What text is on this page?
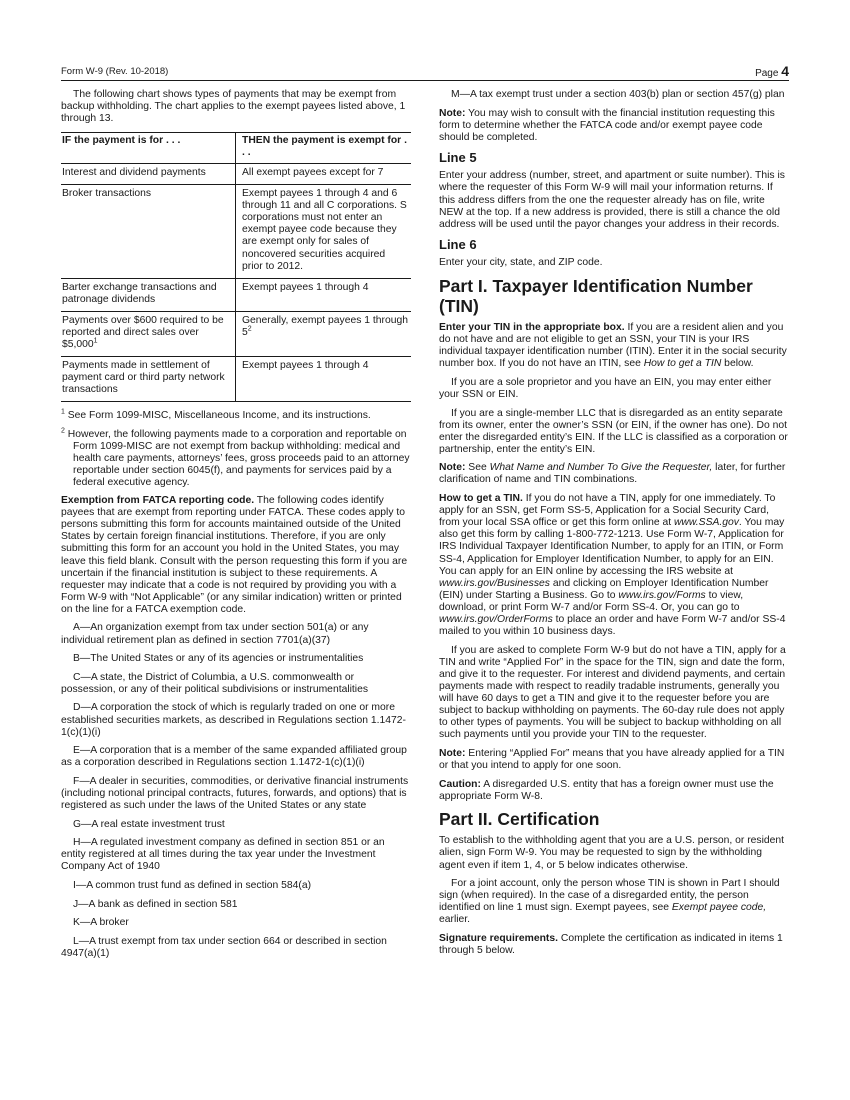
Form W-9 (Rev. 10-2018)	Page 4

The following chart shows types of payments that may be exempt from backup withholding. The chart applies to the exempt payees listed above, 1 through 13.

IF the payment is for . . .	THEN the payment is exempt for . . .
Interest and dividend payments	All exempt payees except for 7
Broker transactions	Exempt payees 1 through 4 and 6 through 11 and all C corporations. S corporations must not enter an exempt payee code because they are exempt only for sales of noncovered securities acquired prior to 2012.
Barter exchange transactions and patronage dividends	Exempt payees 1 through 4
Payments over $600 required to be reported and direct sales over $5,000$^1$	Generally, exempt payees 1 through $5^2$
Payments made in settlement of payment card or third party network transactions	Exempt payees 1 through 4

$^1$ See Form 1099-MISC, Miscellaneous Income, and its instructions.

$^2$ However, the following payments made to a corporation and reportable on Form 1099-MISC are not exempt from backup withholding: medical and health care payments, attorneys’ fees, gross proceeds paid to an attorney reportable under section 6045(f), and payments for services paid by a federal executive agency.

Exemption from FATCA reporting code. The following codes identify payees that are exempt from reporting under FATCA. These codes apply to persons submitting this form for accounts maintained outside of the United States by certain foreign financial institutions. Therefore, if you are only submitting this form for an account you hold in the United States, you may leave this field blank. Consult with the person requesting this form if you are uncertain if the financial institution is subject to these requirements. A requester may indicate that a code is not required by providing you with a Form W-9 with “Not Applicable” (or any similar indication) written or printed on the line for a FATCA exemption code.

A—An organization exempt from tax under section 501(a) or any individual retirement plan as defined in section 7701(a)(37)

B—The United States or any of its agencies or instrumentalities

C—A state, the District of Columbia, a U.S. commonwealth or possession, or any of their political subdivisions or instrumentalities

D—A corporation the stock of which is regularly traded on one or more established securities markets, as described in Regulations section 1.1472-1(c)(1)(i)

E—A corporation that is a member of the same expanded affiliated group as a corporation described in Regulations section 1.1472-1(c)(1)(i)

F—A dealer in securities, commodities, or derivative financial instruments (including notional principal contracts, futures, forwards, and options) that is registered as such under the laws of the United States or any state

G—A real estate investment trust

H—A regulated investment company as defined in section 851 or an entity registered at all times during the tax year under the Investment Company Act of 1940

I—A common trust fund as defined in section 584(a)

J—A bank as defined in section 581

K—A broker

L—A trust exempt from tax under section 664 or described in section 4947(a)(1)

M—A tax exempt trust under a section 403(b) plan or section 457(g) plan

Note: You may wish to consult with the financial institution requesting this form to determine whether the FATCA code and/or exempt payee code should be completed.

Line 5

Enter your address (number, street, and apartment or suite number). This is where the requester of this Form W-9 will mail your information returns. If this address differs from the one the requester already has on file, write NEW at the top. If a new address is provided, there is still a chance the old address will be used until the payor changes your address in their records.

Line 6

Enter your city, state, and ZIP code.

Part I. Taxpayer Identification Number (TIN)

Enter your TIN in the appropriate box. If you are a resident alien and you do not have and are not eligible to get an SSN, your TIN is your IRS individual taxpayer identification number (ITIN). Enter it in the social security number box. If you do not have an ITIN, see How to get a TIN below.

If you are a sole proprietor and you have an EIN, you may enter either your SSN or EIN.

If you are a single-member LLC that is disregarded as an entity separate from its owner, enter the owner’s SSN (or EIN, if the owner has one). Do not enter the disregarded entity’s EIN. If the LLC is classified as a corporation or partnership, enter the entity’s EIN.

Note: See What Name and Number To Give the Requester, later, for further clarification of name and TIN combinations.

How to get a TIN. If you do not have a TIN, apply for one immediately. To apply for an SSN, get Form SS-5, Application for a Social Security Card, from your local SSA office or get this form online at www.SSA.gov. You may also get this form by calling 1-800-772-1213. Use Form W-7, Application for IRS Individual Taxpayer Identification Number, to apply for an ITIN, or Form SS-4, Application for Employer Identification Number, to apply for an EIN. You can apply for an EIN online by accessing the IRS website at www.irs.gov/Businesses and clicking on Employer Identification Number (EIN) under Starting a Business. Go to www.irs.gov/Forms to view, download, or print Form W-7 and/or Form SS-4. Or, you can go to www.irs.gov/OrderForms to place an order and have Form W-7 and/or SS-4 mailed to you within 10 business days.

If you are asked to complete Form W-9 but do not have a TIN, apply for a TIN and write “Applied For” in the space for the TIN, sign and date the form, and give it to the requester. For interest and dividend payments, and certain payments made with respect to readily tradable instruments, generally you will have 60 days to get a TIN and give it to the requester before you are subject to backup withholding on payments. The 60-day rule does not apply to other types of payments. You will be subject to backup withholding on all such payments until you provide your TIN to the requester.

Note: Entering “Applied For” means that you have already applied for a TIN or that you intend to apply for one soon.

Caution: A disregarded U.S. entity that has a foreign owner must use the appropriate Form W-8.

Part II. Certification

To establish to the withholding agent that you are a U.S. person, or resident alien, sign Form W-9. You may be requested to sign by the withholding agent even if item 1, 4, or 5 below indicates otherwise.

For a joint account, only the person whose TIN is shown in Part I should sign (when required). In the case of a disregarded entity, the person identified on line 1 must sign. Exempt payees, see Exempt payee code, earlier.

Signature requirements. Complete the certification as indicated in items 1 through 5 below.
